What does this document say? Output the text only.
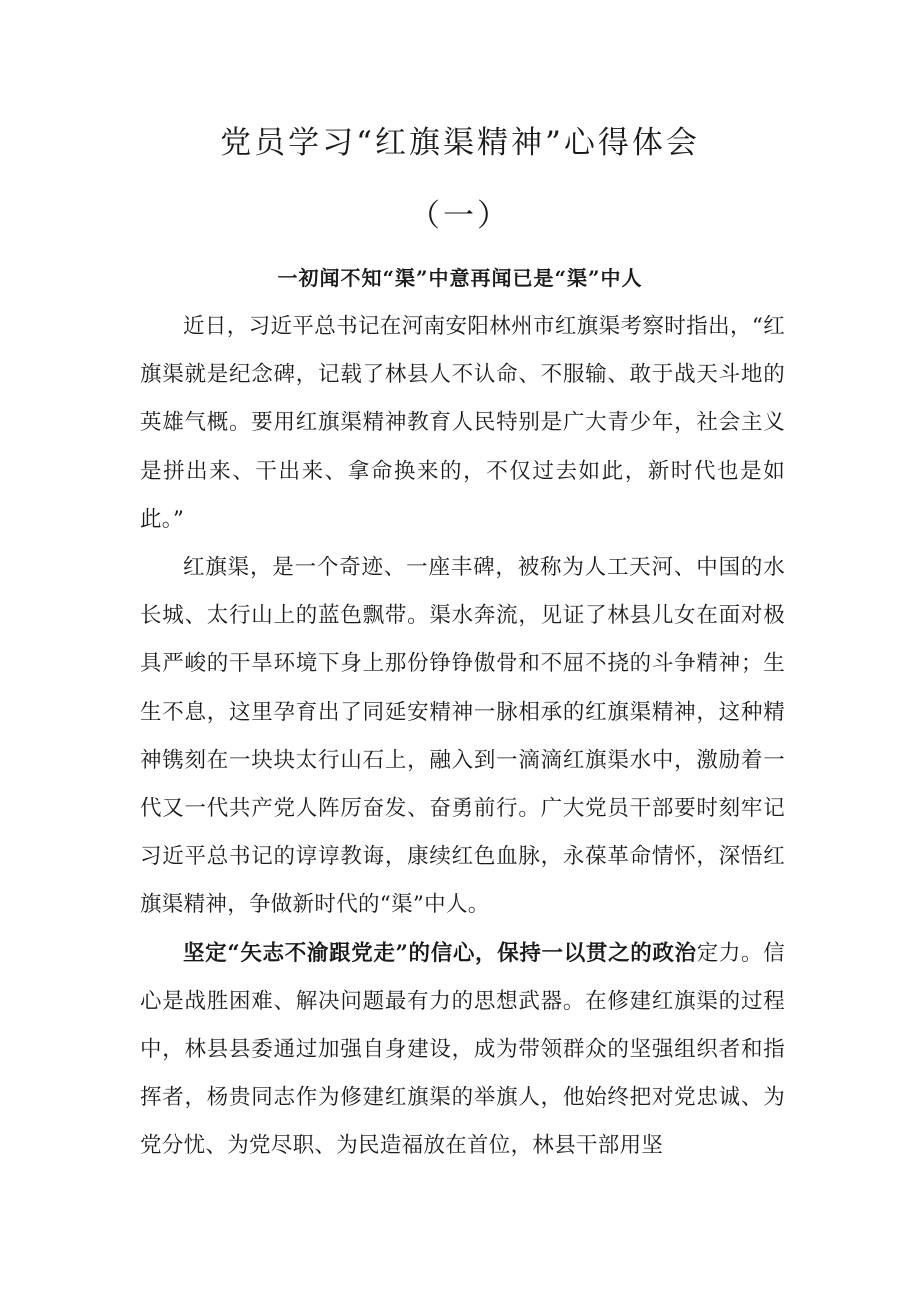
党员学习“红旗渠精神”心得体会
（一）
一初闻不知“渠”中意再闻已是“渠”中人

近日，习近平总书记在河南安阳林州市红旗渠考察时指出，“红旗渠就是纪念碑，记载了林县人不认命、不服输、敢于战天斗地的英雄气概。要用红旗渠精神教育人民特别是广大青少年，社会主义是拼出来、干出来、拿命换来的，不仅过去如此，新时代也是如此。”

红旗渠，是一个奇迹、一座丰碑，被称为人工天河、中国的水长城、太行山上的蓝色飘带。渠水奔流，见证了林县儿女在面对极具严峻的干旱环境下身上那份铮铮傲骨和不屈不挠的斗争精神；生生不息，这里孕育出了同延安精神一脉相承的红旗渠精神，这种精神镌刻在一块块太行山石上，融入到一滴滴红旗渠水中，激励着一代又一代共产党人阵厉奋发、奋勇前行。广大党员干部要时刻牢记习近平总书记的谆谆教诲，康续红色血脉，永葆革命情怀，深悟红旗渠精神，争做新时代的“渠”中人。

坚定“矢志不渝跟党走”的信心，保持一以贯之的政治定力。信心是战胜困难、解决问题最有力的思想武器。在修建红旗渠的过程中，林县县委通过加强自身建设，成为带领群众的坚强组织者和指挥者，杨贵同志作为修建红旗渠的举旗人，他始终把对党忠诚、为党分忧、为党尽职、为民造福放在首位，林县干部用坚
